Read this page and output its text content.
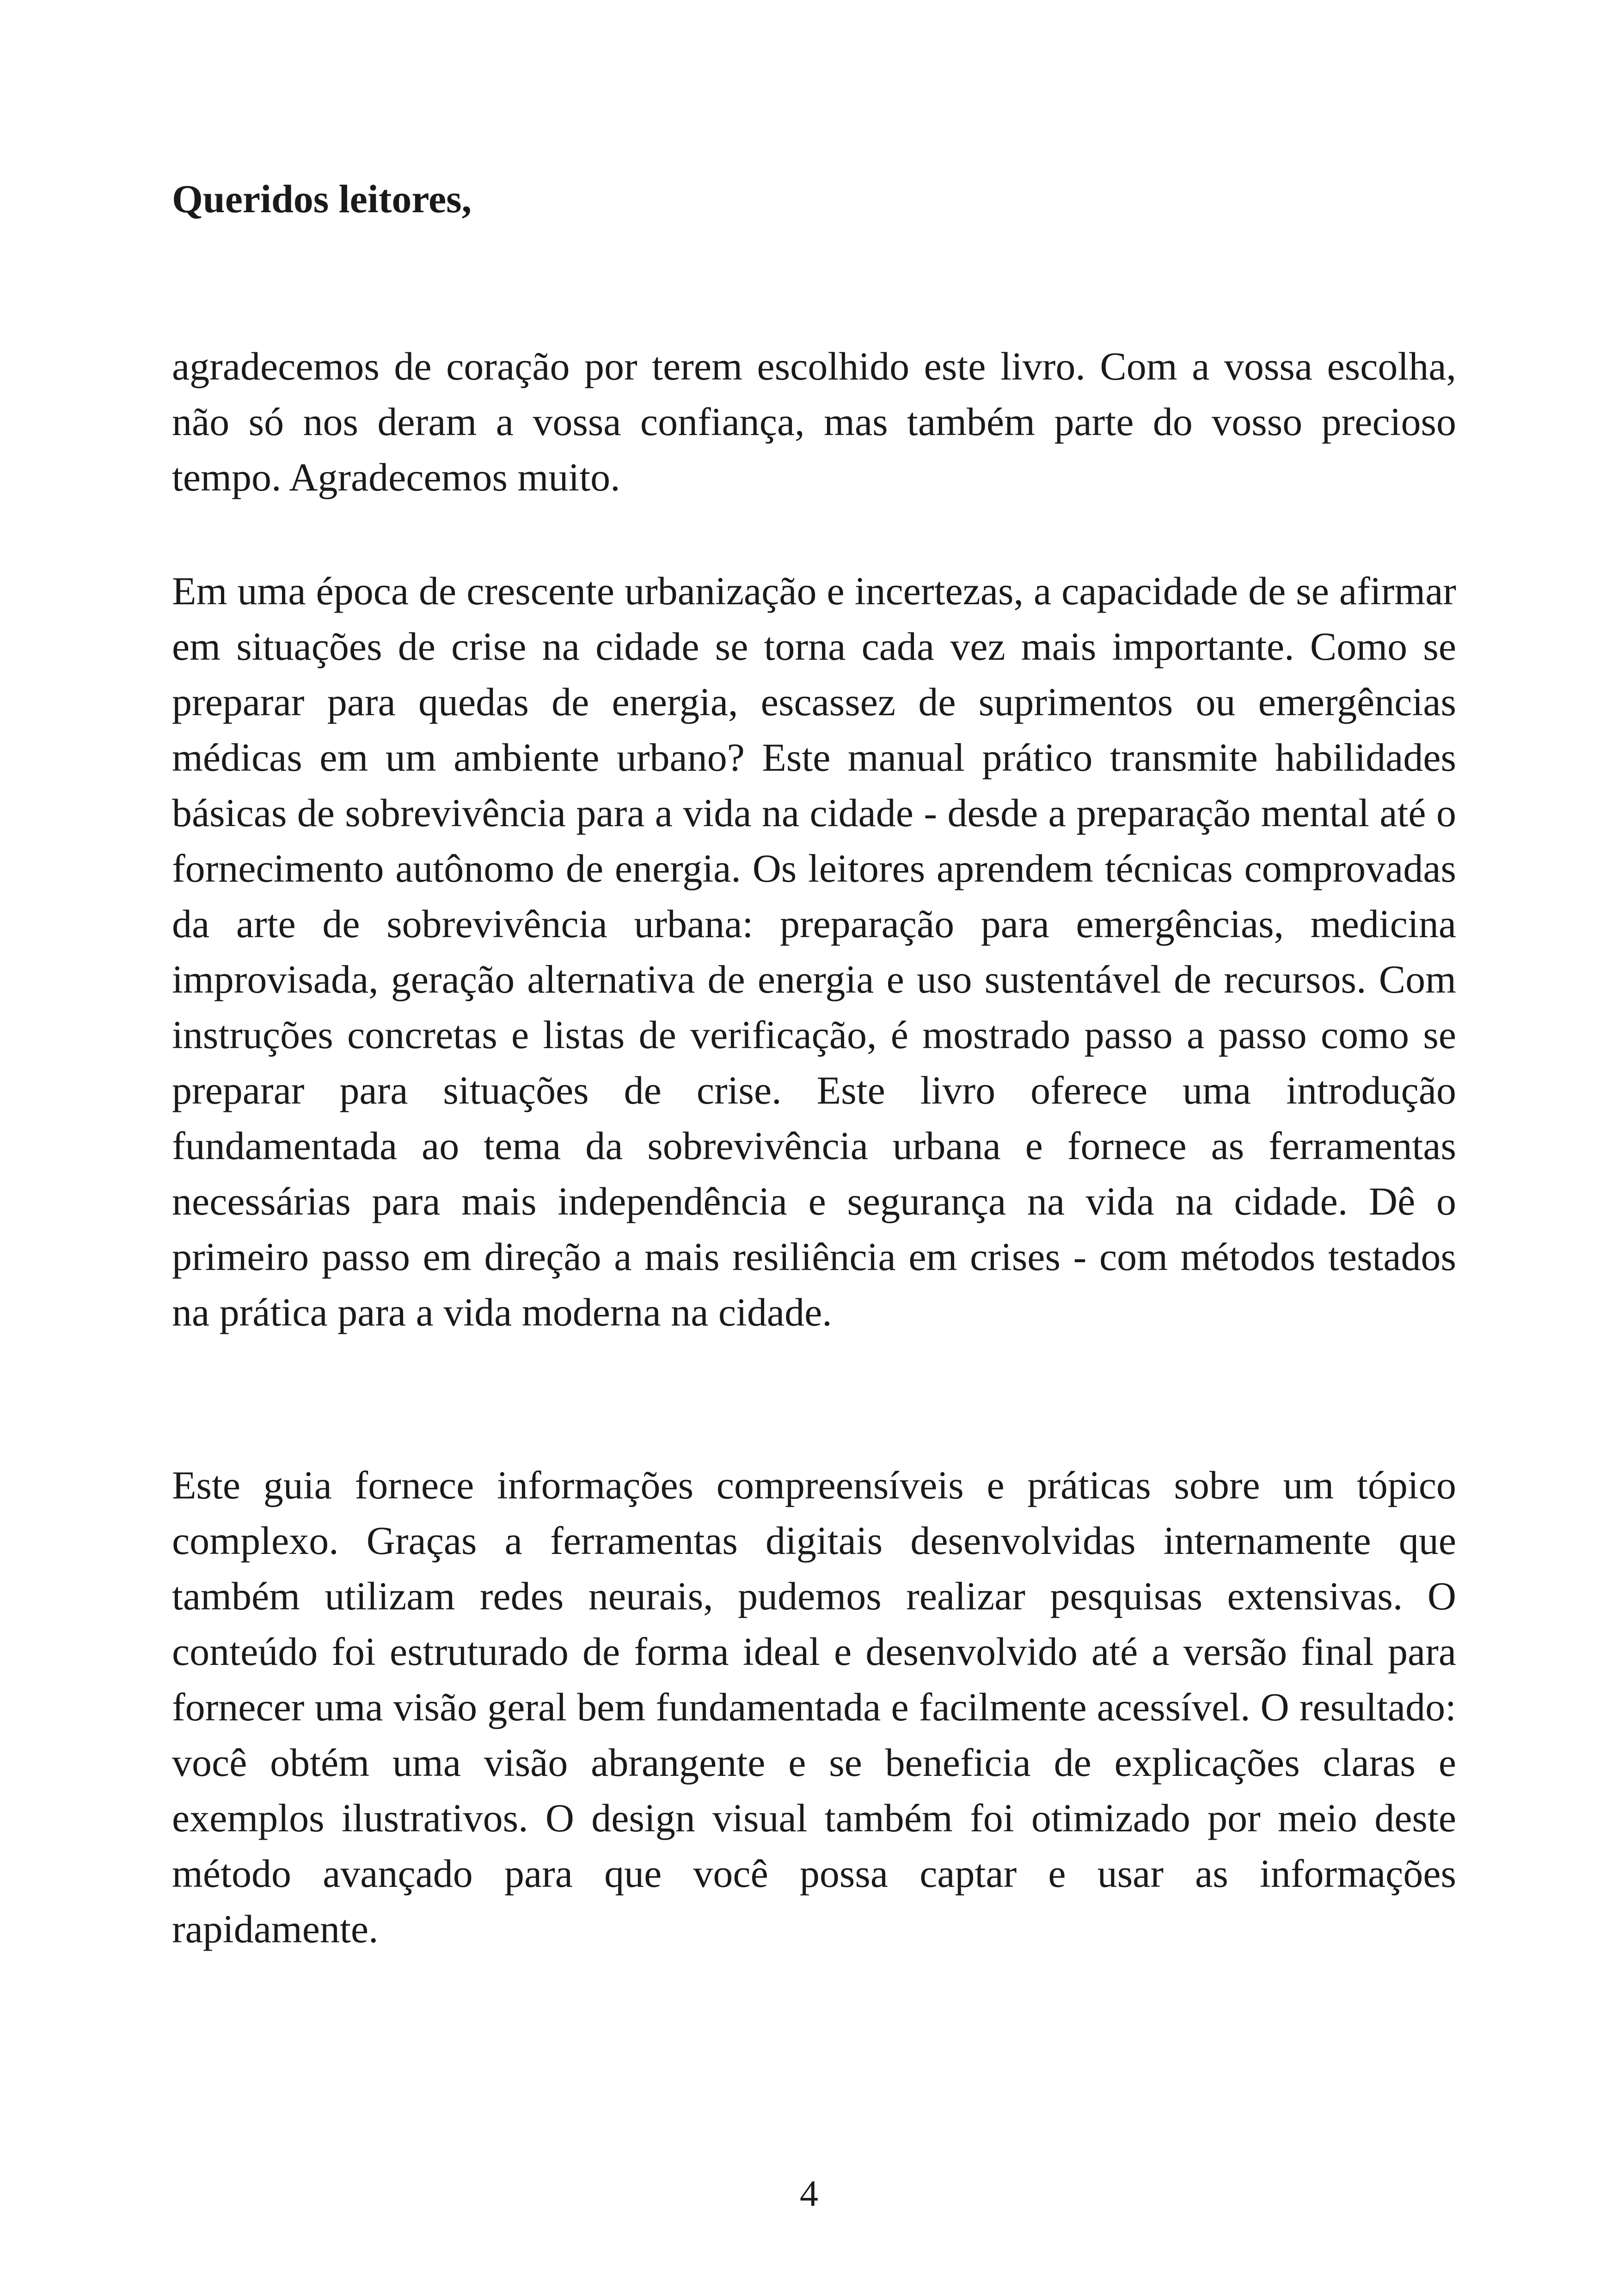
Queridos leitores,

agradecemos de coração por terem escolhido este livro. Com a vossa escolha, não só nos deram a vossa confiança, mas também parte do vosso precioso tempo. Agradecemos muito.

Em uma época de crescente urbanização e incertezas, a capacidade de se afirmar em situações de crise na cidade se torna cada vez mais importante. Como se preparar para quedas de energia, escassez de suprimentos ou emergências médicas em um ambiente urbano? Este manual prático transmite habilidades básicas de sobrevivência para a vida na cidade - desde a preparação mental até o fornecimento autônomo de energia. Os leitores aprendem técnicas comprovadas da arte de sobrevivência urbana: preparação para emergências, medicina improvisada, geração alternativa de energia e uso sustentável de recursos. Com instruções concretas e listas de verificação, é mostrado passo a passo como se preparar para situações de crise. Este livro oferece uma introdução fundamentada ao tema da sobrevivência urbana e fornece as ferramentas necessárias para mais independência e segurança na vida na cidade. Dê o primeiro passo em direção a mais resiliência em crises - com métodos testados na prática para a vida moderna na cidade.

Este guia fornece informações compreensíveis e práticas sobre um tópico complexo. Graças a ferramentas digitais desenvolvidas internamente que também utilizam redes neurais, pudemos realizar pesquisas extensivas. O conteúdo foi estruturado de forma ideal e desenvolvido até a versão final para fornecer uma visão geral bem fundamentada e facilmente acessível. O resultado: você obtém uma visão abrangente e se beneficia de explicações claras e exemplos ilustrativos. O design visual também foi otimizado por meio deste método avançado para que você possa captar e usar as informações rapidamente.

4
